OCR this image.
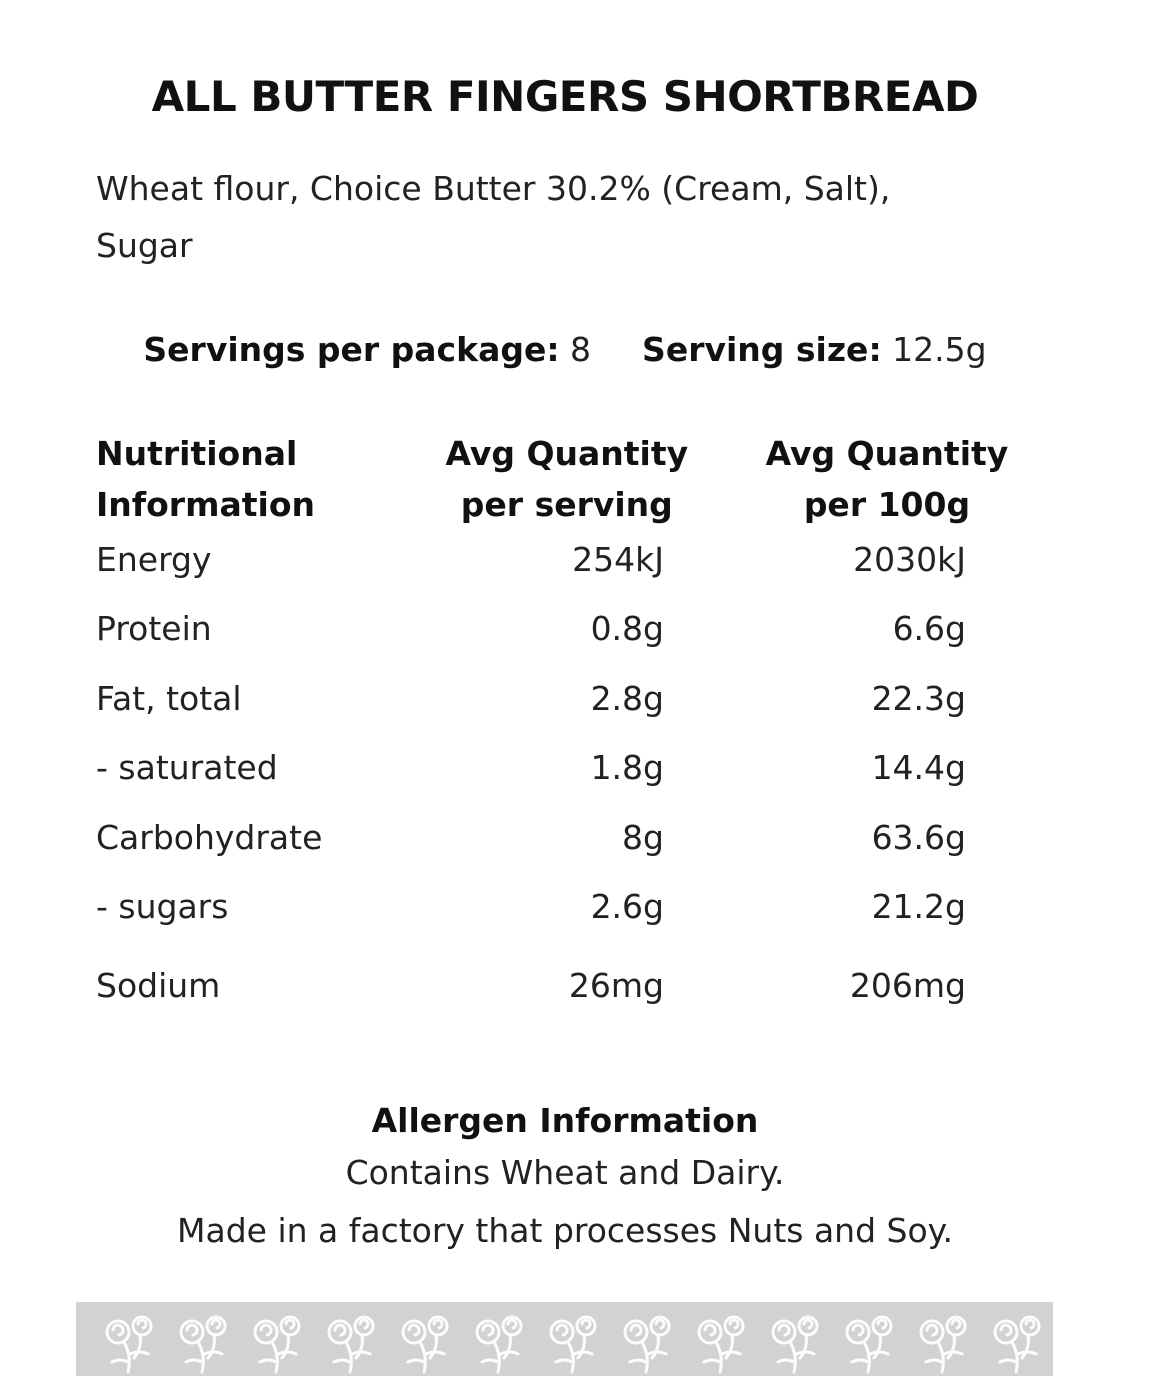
ALL BUTTER FINGERS SHORTBREAD
Wheat flour, Choice Butter 30.2% (Cream, Salt),
Sugar
Servings per package: 8 Serving size: 12.5g
Nutritional
Information
Avg Quantity
per serving
Avg Quantity
per 100g
Energy	254kJ	2030kJ
Protein	0.8g	6.6g
Fat, total	2.8g	22.3g
- saturated	1.8g	14.4g
Carbohydrate	8g	63.6g
- sugars	2.6g	21.2g
Sodium	26mg	206mg
Allergen Information
Contains Wheat and Dairy.
Made in a factory that processes Nuts and Soy.
